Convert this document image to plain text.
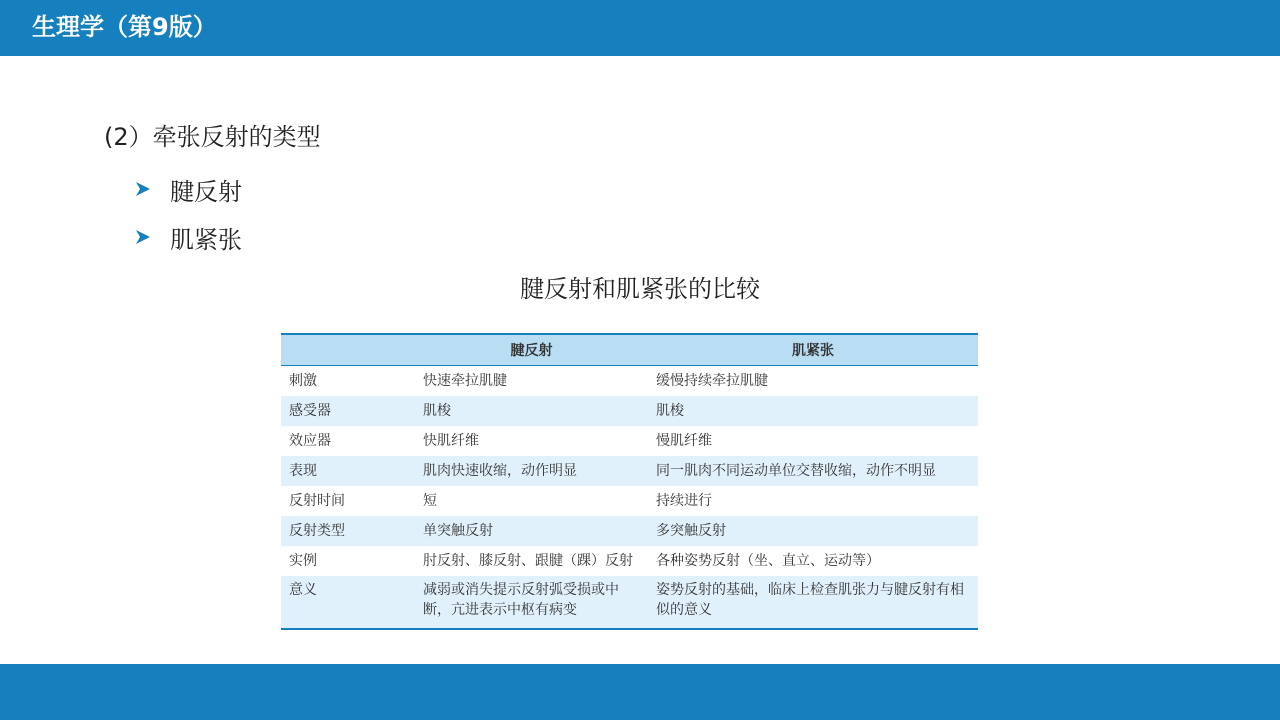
生理学（第9版）
(2）牵张反射的类型
腱反射
肌紧张
腱反射和肌紧张的比较
	腱反射	肌紧张
刺激	快速牵拉肌腱	缓慢持续牵拉肌腱
感受器	肌梭	肌梭
效应器	快肌纤维	慢肌纤维
表现	肌肉快速收缩，动作明显	同一肌肉不同运动单位交替收缩，动作不明显
反射时间	短	持续进行
反射类型	单突触反射	多突触反射
实例	肘反射、膝反射、跟腱（踝）反射	各种姿势反射（坐、直立、运动等）
意义	减弱或消失提示反射弧受损或中断，亢进表示中枢有病变	姿势反射的基础，临床上检查肌张力与腱反射有相似的意义
